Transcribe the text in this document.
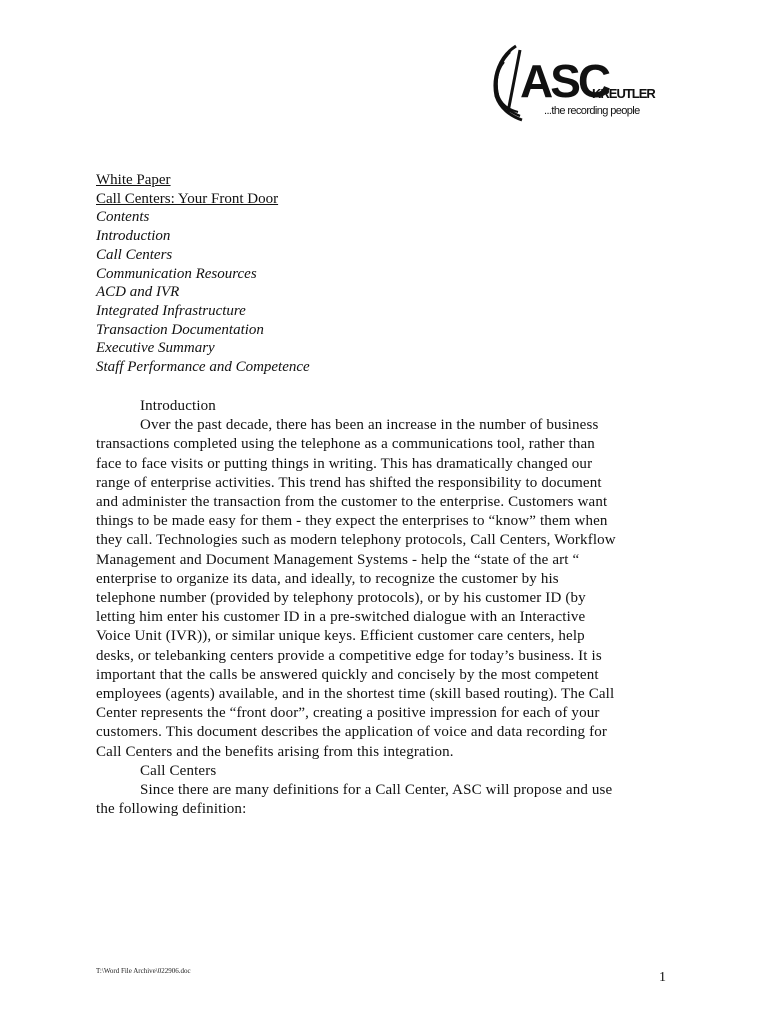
ASC
KREUTLER
...the recording people
White Paper
Call Centers: Your Front Door
Contents
Introduction
Call Centers
Communication Resources
ACD and IVR
Integrated Infrastructure
Transaction Documentation
Executive Summary
Staff Performance and Competence
Introduction
Over the past decade, there has been an increase in the number of business
transactions completed using the telephone as a communications tool, rather than
face to face visits or putting things in writing. This has dramatically changed our
range of enterprise activities. This trend has shifted the responsibility to document
and administer the transaction from the customer to the enterprise. Customers want
things to be made easy for them - they expect the enterprises to “know” them when
they call. Technologies such as modern telephony protocols, Call Centers, Workflow
Management and Document Management Systems - help the “state of the art “
enterprise to organize its data, and ideally, to recognize the customer by his
telephone number (provided by telephony protocols), or by his customer ID (by
letting him enter his customer ID in a pre-switched dialogue with an Interactive
Voice Unit (IVR)), or similar unique keys. Efficient customer care centers, help
desks, or telebanking centers provide a competitive edge for today’s business. It is
important that the calls be answered quickly and concisely by the most competent
employees (agents) available, and in the shortest time (skill based routing). The Call
Center represents the “front door”, creating a positive impression for each of your
customers. This document describes the application of voice and data recording for
Call Centers and the benefits arising from this integration.
Call Centers
Since there are many definitions for a Call Center, ASC will propose and use
the following definition:
T:\Word File Archive\022906.doc	1
